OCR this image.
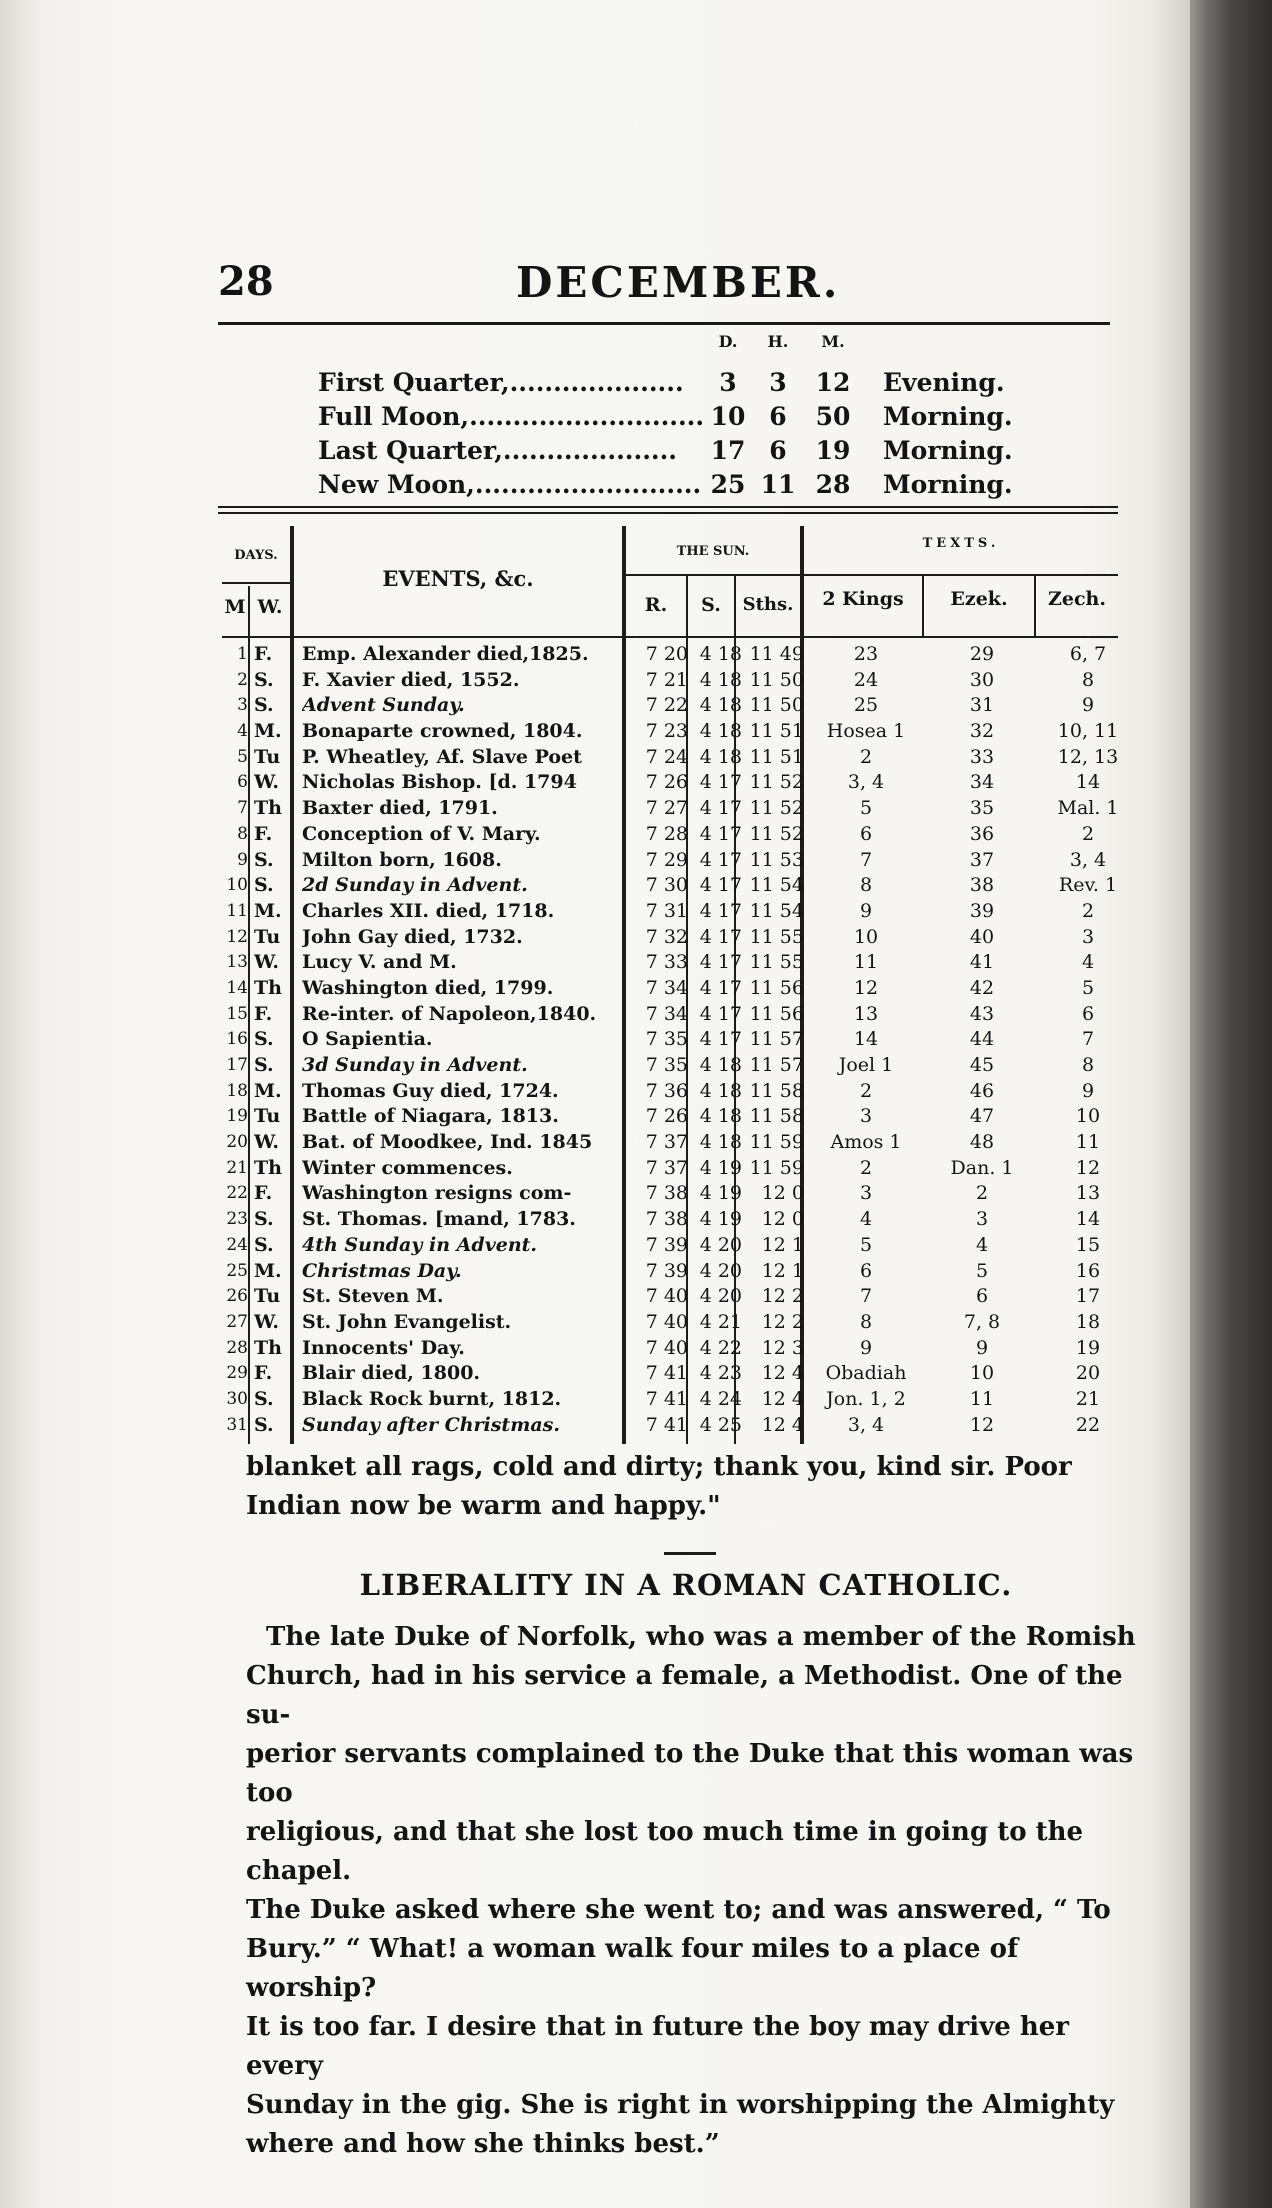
28	DECEMBER.
D.	H.	M.
First Quarter,....................	3	3	12	Evening.
Full Moon,........................... 10 6	50	Morning.
Last Quarter,.................... 17 6	19	Morning.
New Moon,.......................... 25 11 28	Morning.
DAYS.
M W.
EVENTS, &c.
THE SUN.
R.	S.	Sths.
TEXTS.
2 Kings	Ezek.	Zech.
1 F.	Emp. Alexander died,1825.	7 20 4 18 11 49	23	29	6, 7
2 S.	F. Xavier died, 1552.	7 21 4 18 11 50	24	30	8
3 S.	Advent Sunday.	7 22 4 18 11 50	25	31	9
4 M.	Bonaparte crowned, 1804.	7 23 4 18 11 51	Hosea 1	32	10, 11
5 Tu	P. Wheatley, Af. Slave Poet	7 24 4 18 11 51	2	33	12, 13
6 W.	Nicholas Bishop. [d. 1794	7 26 4 17 11 52	3, 4	34	14
7 Th	Baxter died, 1791.	7 27 4 17 11 52	5	35	Mal. 1
8 F.	Conception of V. Mary.	7 28 4 17 11 52	6	36	2
9 S.	Milton born, 1608.	7 29 4 17 11 53	7	37	3, 4
10 S.	2d Sunday in Advent.	7 30 4 17 11 54	8	38	Rev. 1
11 M.	Charles XII. died, 1718.	7 31 4 17 11 54	9	39	2
12 Tu	John Gay died, 1732.	7 32 4 17 11 55	10	40	3
13 W.	Lucy V. and M.	7 33 4 17 11 55	11	41	4
14 Th	Washington died, 1799.	7 34 4 17 11 56	12	42	5
15 F.	Re-inter. of Napoleon,1840.	7 34 4 17 11 56	13	43	6
16 S.	O Sapientia.	7 35 4 17 11 57	14	44	7
17 S.	3d Sunday in Advent.	7 35 4 18 11 57	Joel 1	45	8
18 M.	Thomas Guy died, 1724.	7 36 4 18 11 58	2	46	9
19 Tu	Battle of Niagara, 1813.	7 26 4 18 11 58	3	47	10
20 W.	Bat. of Moodkee, Ind. 1845	7 37 4 18 11 59	Amos 1	48	11
21 Th	Winter commences.	7 37 4 19 11 59	2	Dan. 1	12
22 F.	Washington resigns com-	7 38 4 19	12 0	3	2	13
23 S.	St. Thomas. [mand, 1783.	7 38 4 19	12 0	4	3	14
24 S.	4th Sunday in Advent.	7 39 4 20	12 1	5	4	15
25 M.	Christmas Day.	7 39 4 20	12 1	6	5	16
26 Tu	St. Steven M.	7 40 4 20	12 2	7	6	17
27 W.	St. John Evangelist.	7 40 4 21	12 2	8	7, 8	18
28 Th	Innocents' Day.	7 40 4 22	12 3	9	9	19
29 F.	Blair died, 1800.	7 41 4 23	12 4	Obadiah	10	20
30 S.	Black Rock burnt, 1812.	7 41 4 24	12 4	Jon. 1, 2	11	21
31 S.	Sunday after Christmas.	7 41 4 25	12 4	3, 4	12	22
blanket all rags, cold and dirty; thank you, kind sir. Poor
Indian now be warm and happy."
LIBERALITY IN A ROMAN CATHOLIC.
The late Duke of Norfolk, who was a member of the Romish
Church, had in his service a female, a Methodist. One of the su-
perior servants complained to the Duke that this woman was too
religious, and that she lost too much time in going to the chapel.
The Duke asked where she went to; and was answered, “ To
Bury.” “ What! a woman walk four miles to a place of worship?
It is too far. I desire that in future the boy may drive her every
Sunday in the gig. She is right in worshipping the Almighty
where and how she thinks best.”
